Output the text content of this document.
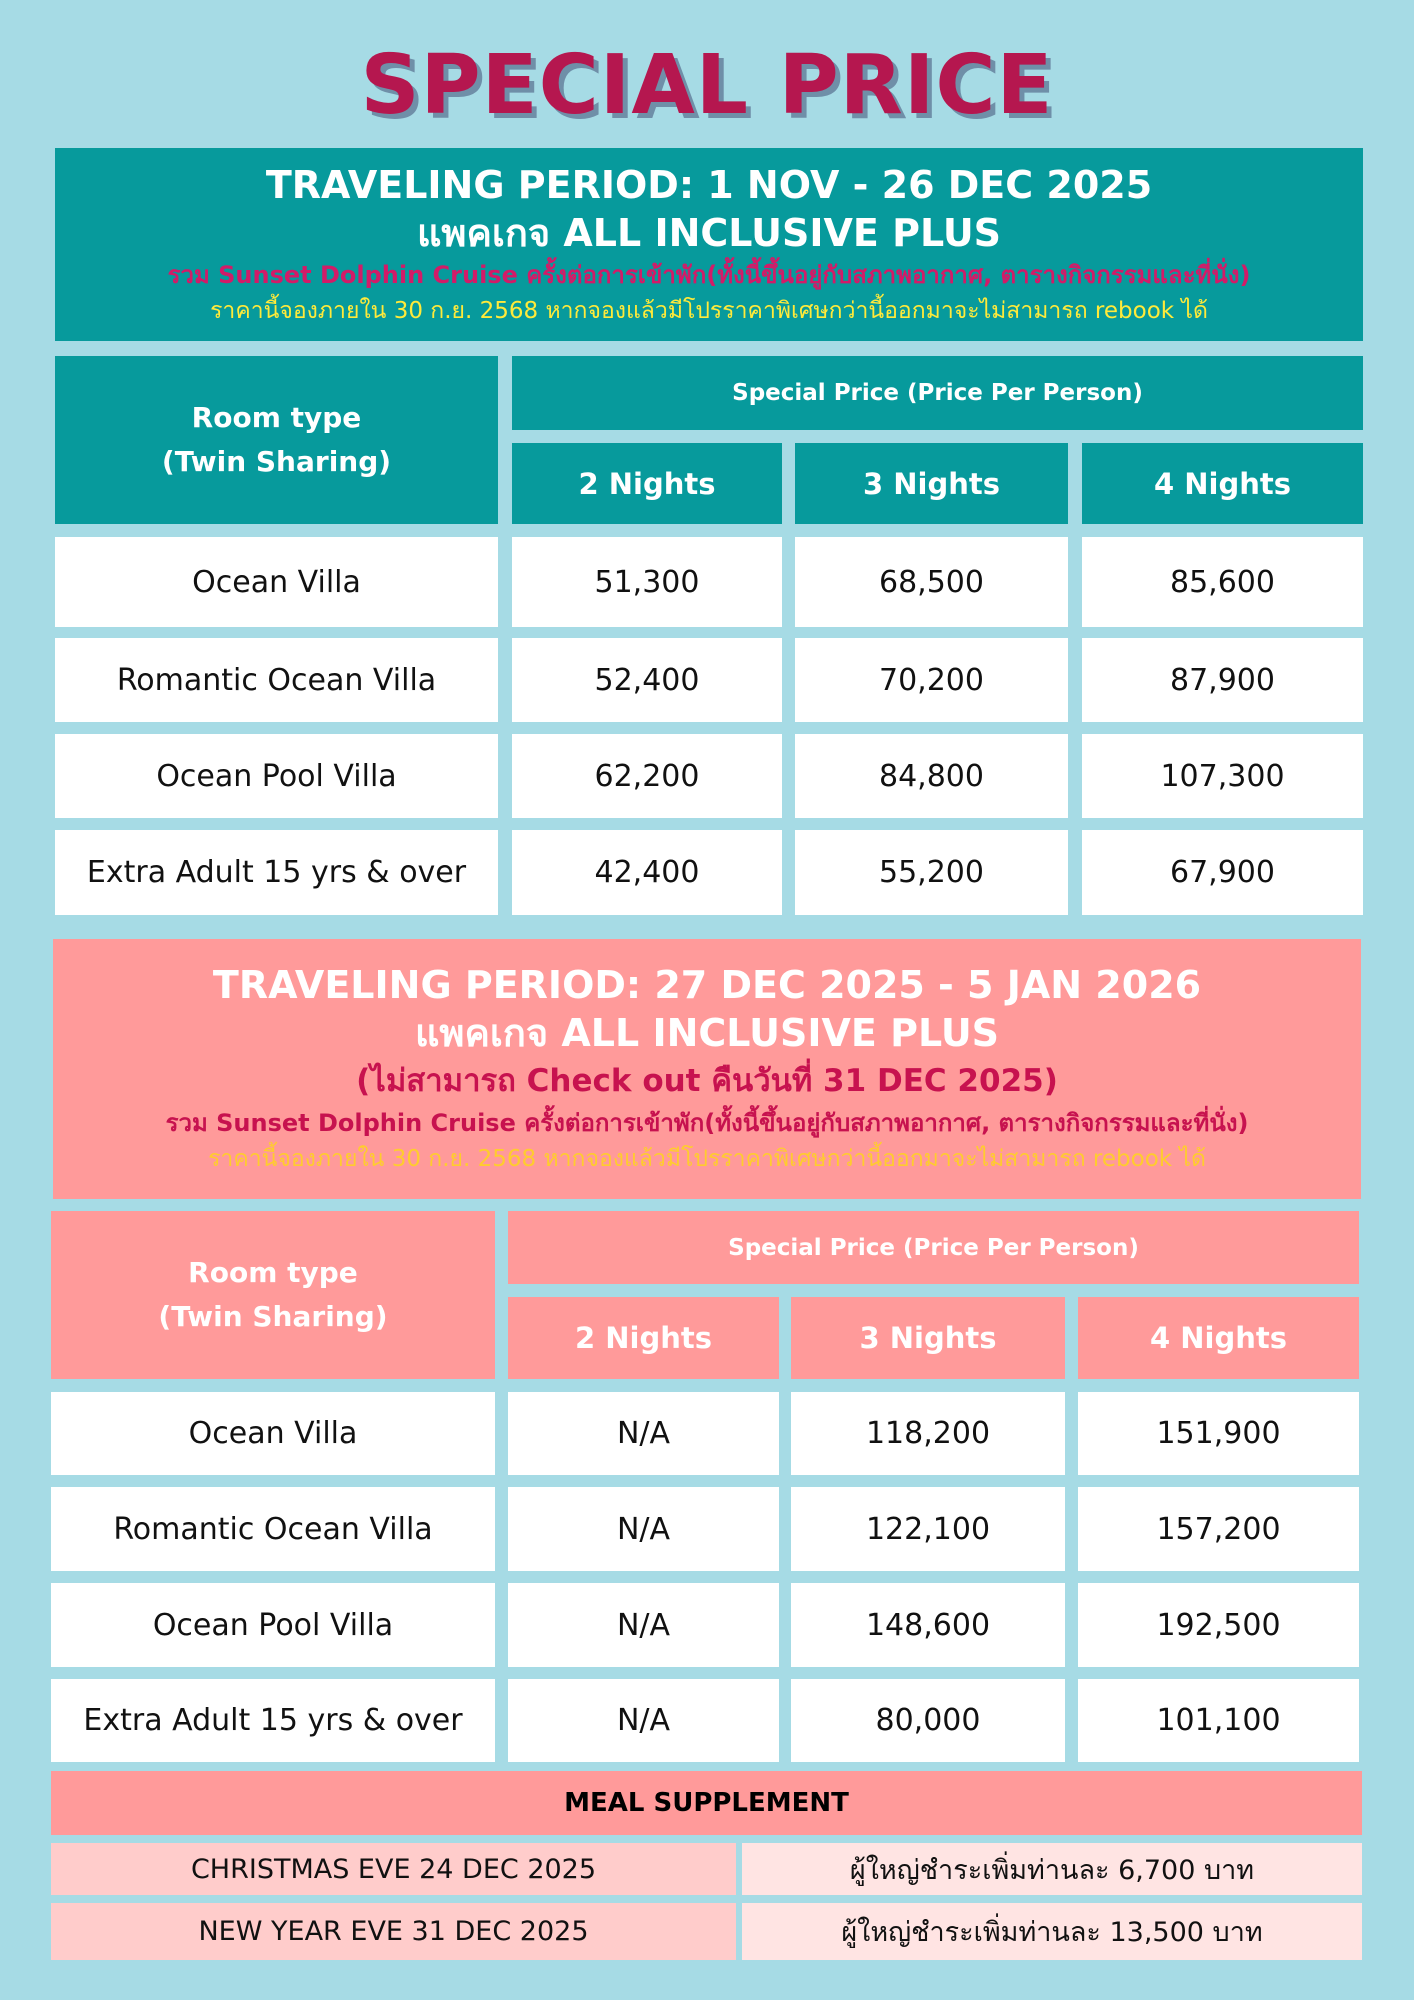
SPECIAL PRICE
TRAVELING PERIOD: 1 NOV - 26 DEC 2025
แพคเกจ ALL INCLUSIVE PLUS
รวม Sunset Dolphin Cruise ครั้งต่อการเข้าพัก(ทั้งนี้ขึ้นอยู่กับสภาพอากาศ, ตารางกิจกรรมและที่นั่ง)
ราคานี้จองภายใน 30 ก.ย. 2568 หากจองแล้วมีโปรราคาพิเศษกว่านี้ออกมาจะไม่สามารถ rebook ได้
Room type
(Twin Sharing)
Special Price (Price Per Person)
2 Nights	3 Nights	4 Nights
Ocean Villa	51,300	68,500	85,600
Romantic Ocean Villa	52,400	70,200	87,900
Ocean Pool Villa	62,200	84,800	107,300
Extra Adult 15 yrs & over	42,400	55,200	67,900
TRAVELING PERIOD: 27 DEC 2025 - 5 JAN 2026
แพคเกจ ALL INCLUSIVE PLUS
(ไม่สามารถ Check out คืนวันที่ 31 DEC 2025)
รวม Sunset Dolphin Cruise ครั้งต่อการเข้าพัก(ทั้งนี้ขึ้นอยู่กับสภาพอากาศ, ตารางกิจกรรมและที่นั่ง)
ราคานี้จองภายใน 30 ก.ย. 2568 หากจองแล้วมีโปรราคาพิเศษกว่านี้ออกมาจะไม่สามารถ rebook ได้
Room type
(Twin Sharing)
Special Price (Price Per Person)
2 Nights	3 Nights	4 Nights
Ocean Villa	N/A	118,200	151,900
Romantic Ocean Villa	N/A	122,100	157,200
Ocean Pool Villa	N/A	148,600	192,500
Extra Adult 15 yrs & over	N/A	80,000	101,100
MEAL SUPPLEMENT
CHRISTMAS EVE 24 DEC 2025	ผู้ใหญ่ชำระเพิ่มท่านละ 6,700 บาท
NEW YEAR EVE 31 DEC 2025	ผู้ใหญ่ชำระเพิ่มท่านละ 13,500 บาท
